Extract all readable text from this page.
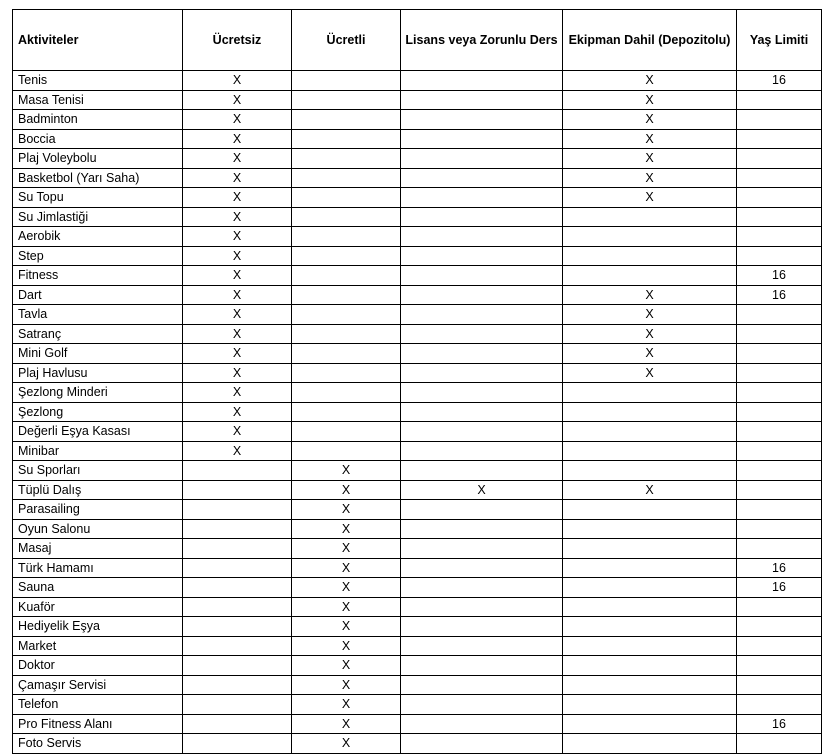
Aktiviteler	Ücretsiz	Ücretli	Lisans veya Zorunlu Ders	Ekipman Dahil (Depozitolu)	Yaş Limiti
Tenis	X			X	16
Masa Tenisi	X			X	
Badminton	X			X	
Boccia	X			X	
Plaj Voleybolu	X			X	
Basketbol (Yarı Saha)	X			X	
Su Topu	X			X	
Su Jimlastiği	X				
Aerobik	X				
Step	X				
Fitness	X				16
Dart	X			X	16
Tavla	X			X	
Satranç	X			X	
Mini Golf	X			X	
Plaj Havlusu	X			X	
Şezlong Minderi	X				
Şezlong	X				
Değerli Eşya Kasası	X				
Minibar	X				
Su Sporları		X			
Tüplü Dalış		X	X	X	
Parasailing		X			
Oyun Salonu		X			
Masaj		X			
Türk Hamamı		X			16
Sauna		X			16
Kuaför		X			
Hediyelik Eşya		X			
Market		X			
Doktor		X			
Çamaşır Servisi		X			
Telefon		X			
Pro Fitness Alanı		X			16
Foto Servis		X			
